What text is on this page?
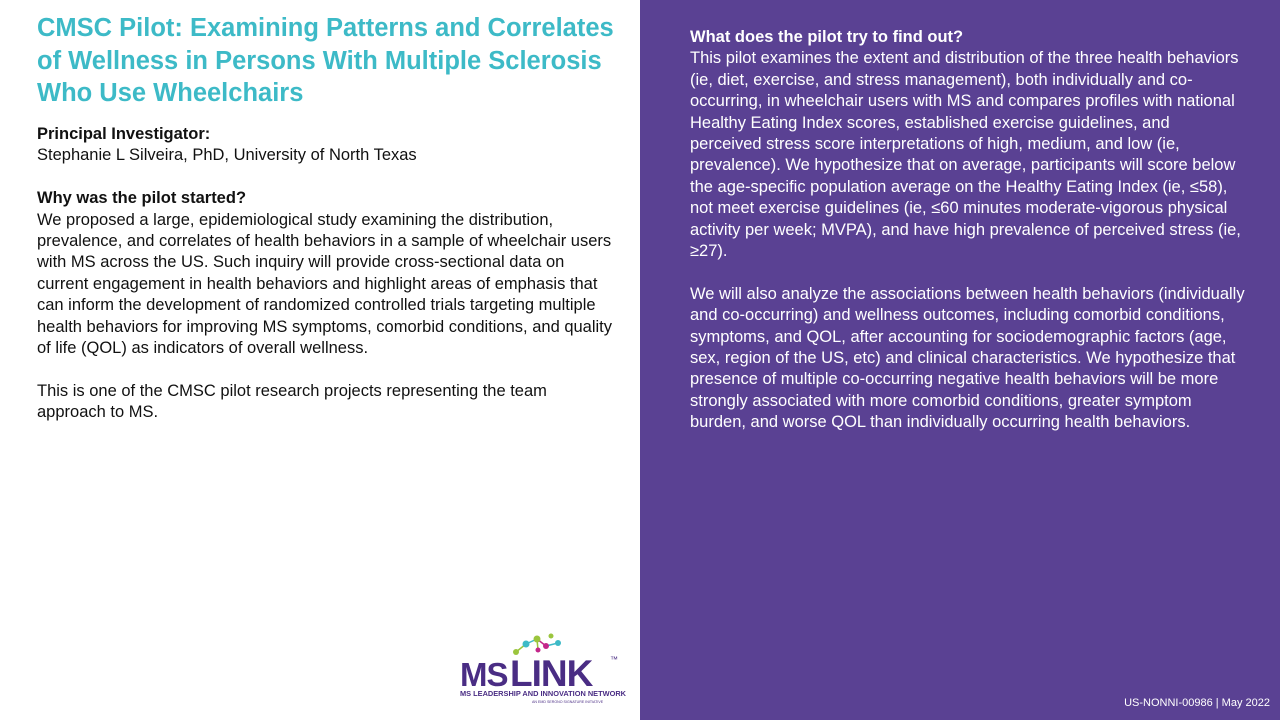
CMSC Pilot: Examining Patterns and Correlates of Wellness in Persons With Multiple Sclerosis Who Use Wheelchairs

Principal Investigator:

Stephanie L Silveira, PhD, University of North Texas

Why was the pilot started?

We proposed a large, epidemiological study examining the distribution, prevalence, and correlates of health behaviors in a sample of wheelchair users with MS across the US. Such inquiry will provide cross-sectional data on current engagement in health behaviors and highlight areas of emphasis that can inform the development of randomized controlled trials targeting multiple health behaviors for improving MS symptoms, comorbid conditions, and quality of life (QOL) as indicators of overall wellness.

This is one of the CMSC pilot research projects representing the team approach to MS.

What does the pilot try to find out?

This pilot examines the extent and distribution of the three health behaviors (ie, diet, exercise, and stress management), both individually and co-occurring, in wheelchair users with MS and compares profiles with national Healthy Eating Index scores, established exercise guidelines, and perceived stress score interpretations of high, medium, and low (ie, prevalence). We hypothesize that on average, participants will score below the age-specific population average on the Healthy Eating Index (ie, ≤58), not meet exercise guidelines (ie, ≤60 minutes moderate-vigorous physical activity per week; MVPA), and have high prevalence of perceived stress (ie, ≥27).

We will also analyze the associations between health behaviors (individually and co-occurring) and wellness outcomes, including comorbid conditions, symptoms, and QOL, after accounting for sociodemographic factors (age, sex, region of the US, etc) and clinical characteristics. We hypothesize that presence of multiple co-occurring negative health behaviors will be more strongly associated with more comorbid conditions, greater symptom burden, and worse QOL than individually occurring health behaviors.

MS LINK ™
MS LEADERSHIP AND INNOVATION NETWORK
AN EMD SERONO SIGNATURE INITIATIVE	US-NONNI-00986 | May 2022
